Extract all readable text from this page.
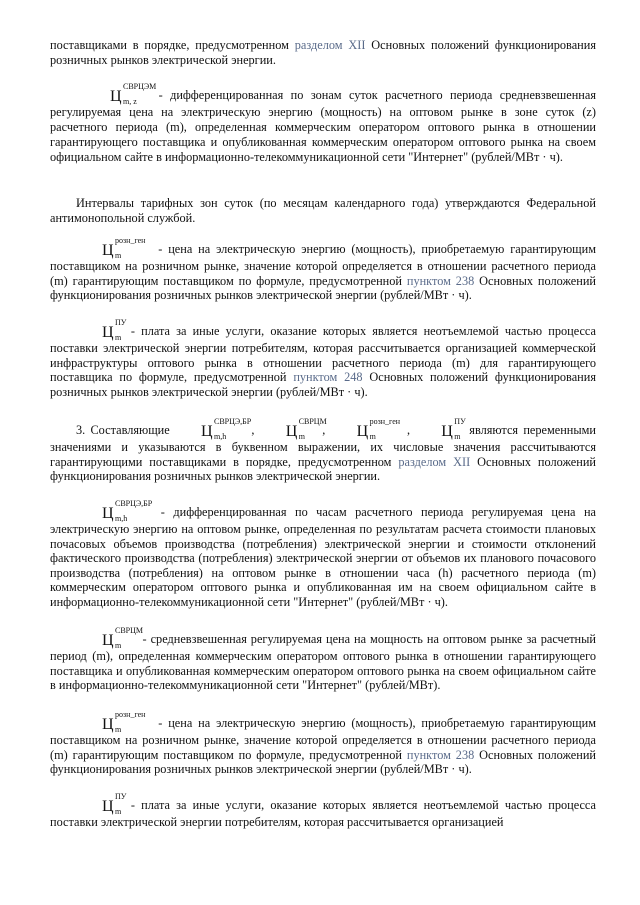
поставщиками в порядке, предусмотренном разделом XII Основных положений функционирования розничных рынков электрической энергии.

Ц
СВРЦЭМ
m, z - дифференцированная по зонам суток расчетного периода средневзвешенная регулируемая цена на электрическую энергию (мощность) на оптовом рынке в зоне суток (z) расчетного периода (m), определенная коммерческим оператором оптового рынка в отношении гарантирующего поставщика и опубликованная коммерческим оператором оптового рынка на своем официальном сайте в информационно-телекоммуникационной сети "Интернет" (рублей/МВт · ч).

Интервалы тарифных зон суток (по месяцам календарного года) утверждаются Федеральной антимонопольной службой.

Ц
розн_ген
m	- цена на электрическую энергию (мощность), приобретаемую гарантирующим поставщиком на розничном рынке, значение которой определяется в отношении расчетного периода (m) гарантирующим поставщиком по формуле, предусмотренной пунктом 238 Основных положений функционирования розничных рынков электрической энергии (рублей/МВт · ч).

Ц
ПУ
m - плата за иные услуги, оказание которых является неотъемлемой частью процесса поставки электрической энергии потребителям, которая рассчитывается организацией коммерческой инфраструктуры оптового рынка в отношении расчетного периода (m) для гарантирующего поставщика по формуле, предусмотренной пунктом 248 Основных положений функционирования розничных рынков электрической энергии (рублей/МВт · ч).

3. Составляющие Ц
СВРЦЭ,БР
m,h , Ц
СВРЦМ
m , Ц
розн_ген
m	, Ц
ПУ
m являются переменными значениями и указываются в буквенном выражении, их числовые значения рассчитываются гарантирующими поставщиками в порядке, предусмотренном разделом XII Основных положений функционирования розничных рынков электрической энергии.

Ц
СВРЦЭ,БР
m,h - дифференцированная по часам расчетного периода регулируемая цена на электрическую энергию на оптовом рынке, определенная по результатам расчета стоимости плановых почасовых объемов производства (потребления) электрической энергии и стоимости отклонений фактического производства (потребления) электрической энергии от объемов их планового почасового производства (потребления) на оптовом рынке в отношении часа (h) расчетного периода (m) коммерческим оператором оптового рынка и опубликованная им на своем официальном сайте в информационно-телекоммуникационной сети "Интернет" (рублей/МВт · ч).

Ц
СВРЦМ
m - средневзвешенная регулируемая цена на мощность на оптовом рынке за расчетный период (m), определенная коммерческим оператором оптового рынка в отношении гарантирующего поставщика и опубликованная коммерческим оператором оптового рынка на своем официальном сайте в информационно-телекоммуникационной сети "Интернет" (рублей/МВт).

Ц
розн_ген
m	- цена на электрическую энергию (мощность), приобретаемую гарантирующим поставщиком на розничном рынке, значение которой определяется в отношении расчетного периода (m) гарантирующим поставщиком по формуле, предусмотренной пунктом 238 Основных положений функционирования розничных рынков электрической энергии (рублей/МВт · ч).

Ц
ПУ
m - плата за иные услуги, оказание которых является неотъемлемой частью процесса поставки электрической энергии потребителям, которая рассчитывается организацией
